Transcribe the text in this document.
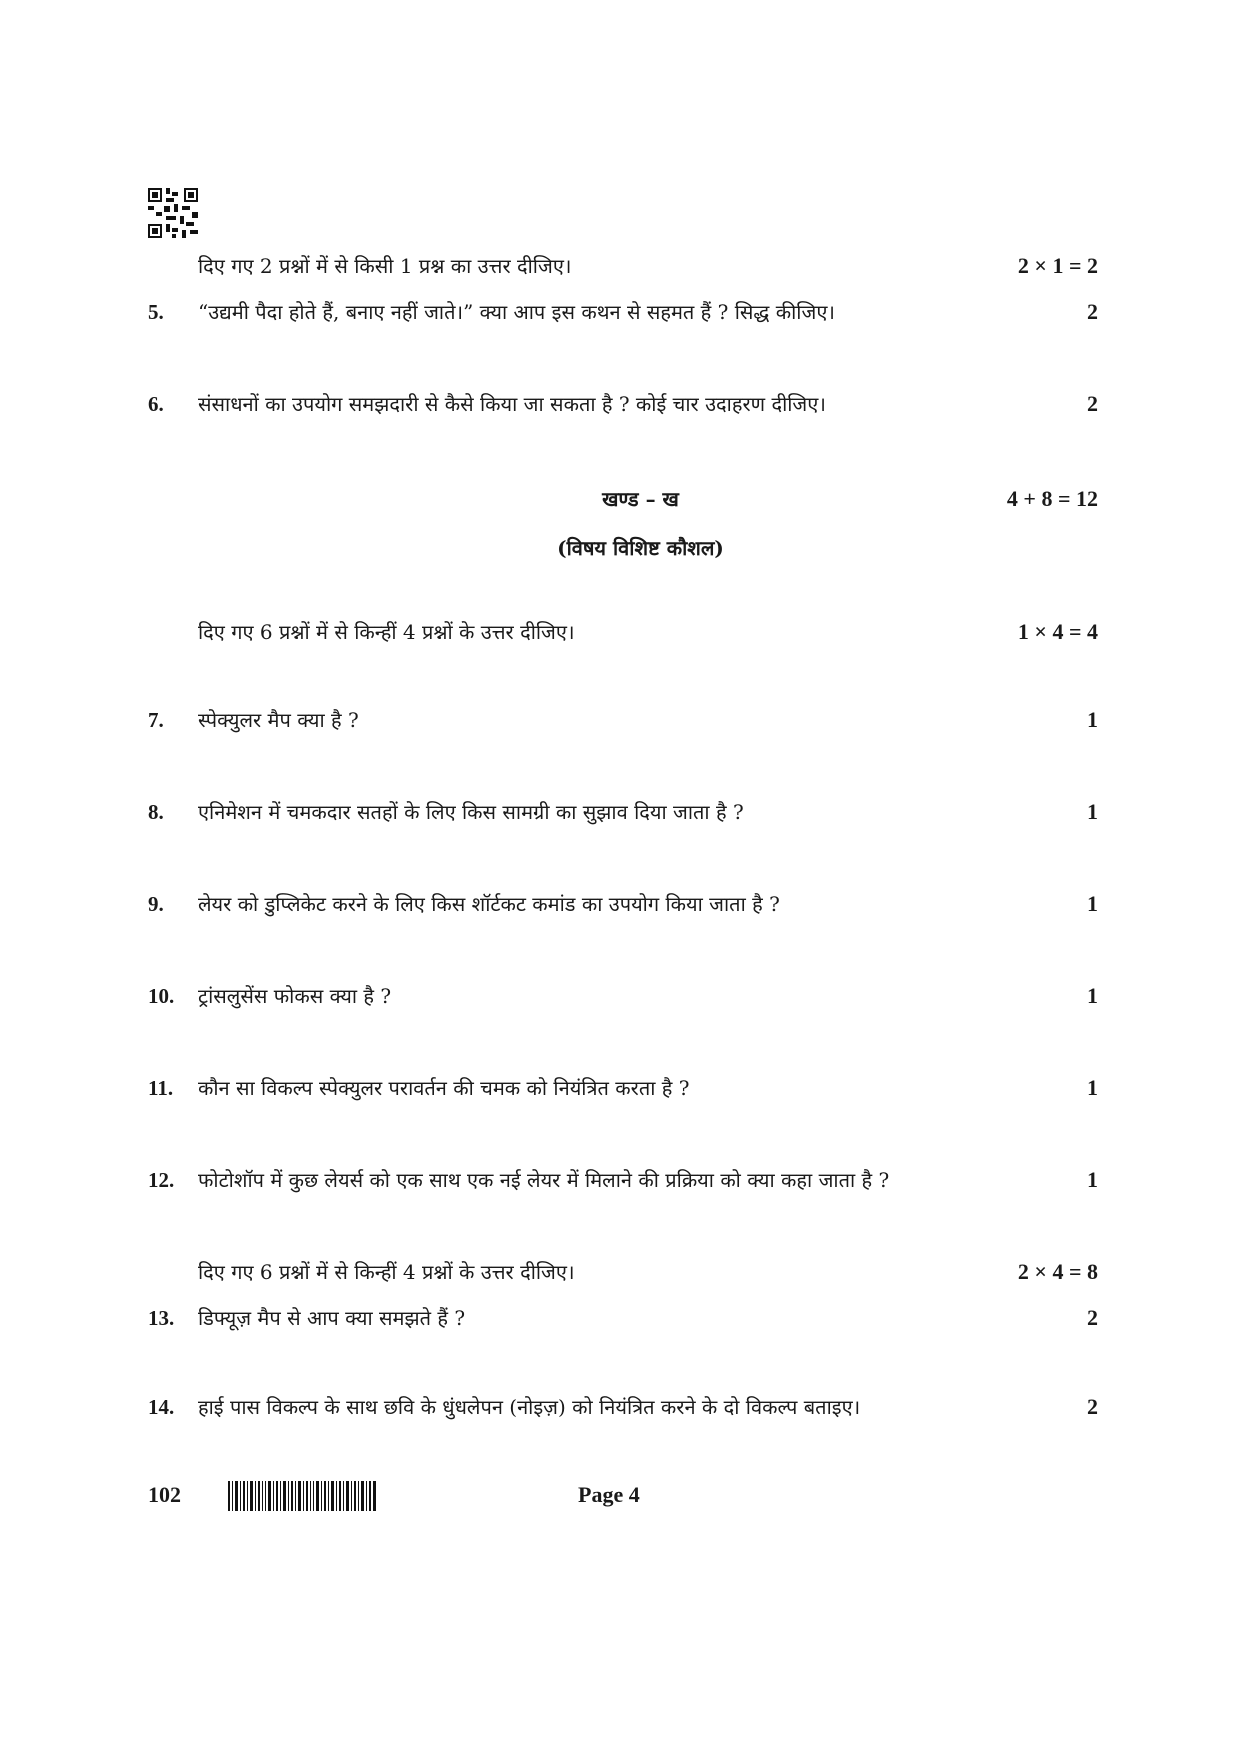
दिए गए 2 प्रश्नों में से किसी 1 प्रश्न का उत्तर दीजिए।	2 × 1 = 2
5.	“उद्यमी पैदा होते हैं, बनाए नहीं जाते।” क्या आप इस कथन से सहमत हैं ? सिद्ध कीजिए।	2
6.	संसाधनों का उपयोग समझदारी से कैसे किया जा सकता है ? कोई चार उदाहरण दीजिए।	2
खण्ड – ख	4 + 8 = 12
(विषय विशिष्ट कौशल)
दिए गए 6 प्रश्नों में से किन्हीं 4 प्रश्नों के उत्तर दीजिए।	1 × 4 = 4
7.	स्पेक्युलर मैप क्या है ?	1
8.	एनिमेशन में चमकदार सतहों के लिए किस सामग्री का सुझाव दिया जाता है ?	1
9.	लेयर को डुप्लिकेट करने के लिए किस शॉर्टकट कमांड का उपयोग किया जाता है ?	1
10.	ट्रांसलुसेंस फोकस क्या है ?	1
11.	कौन सा विकल्प स्पेक्युलर परावर्तन की चमक को नियंत्रित करता है ?	1
12.	फोटोशॉप में कुछ लेयर्स को एक साथ एक नई लेयर में मिलाने की प्रक्रिया को क्या कहा जाता है ?	1
दिए गए 6 प्रश्नों में से किन्हीं 4 प्रश्नों के उत्तर दीजिए।	2 × 4 = 8
13.	डिफ्यूज़ मैप से आप क्या समझते हैं ?	2
14.	हाई पास विकल्प के साथ छवि के धुंधलेपन (नोइज़) को नियंत्रित करने के दो विकल्प बताइए।	2
102	Page 4
